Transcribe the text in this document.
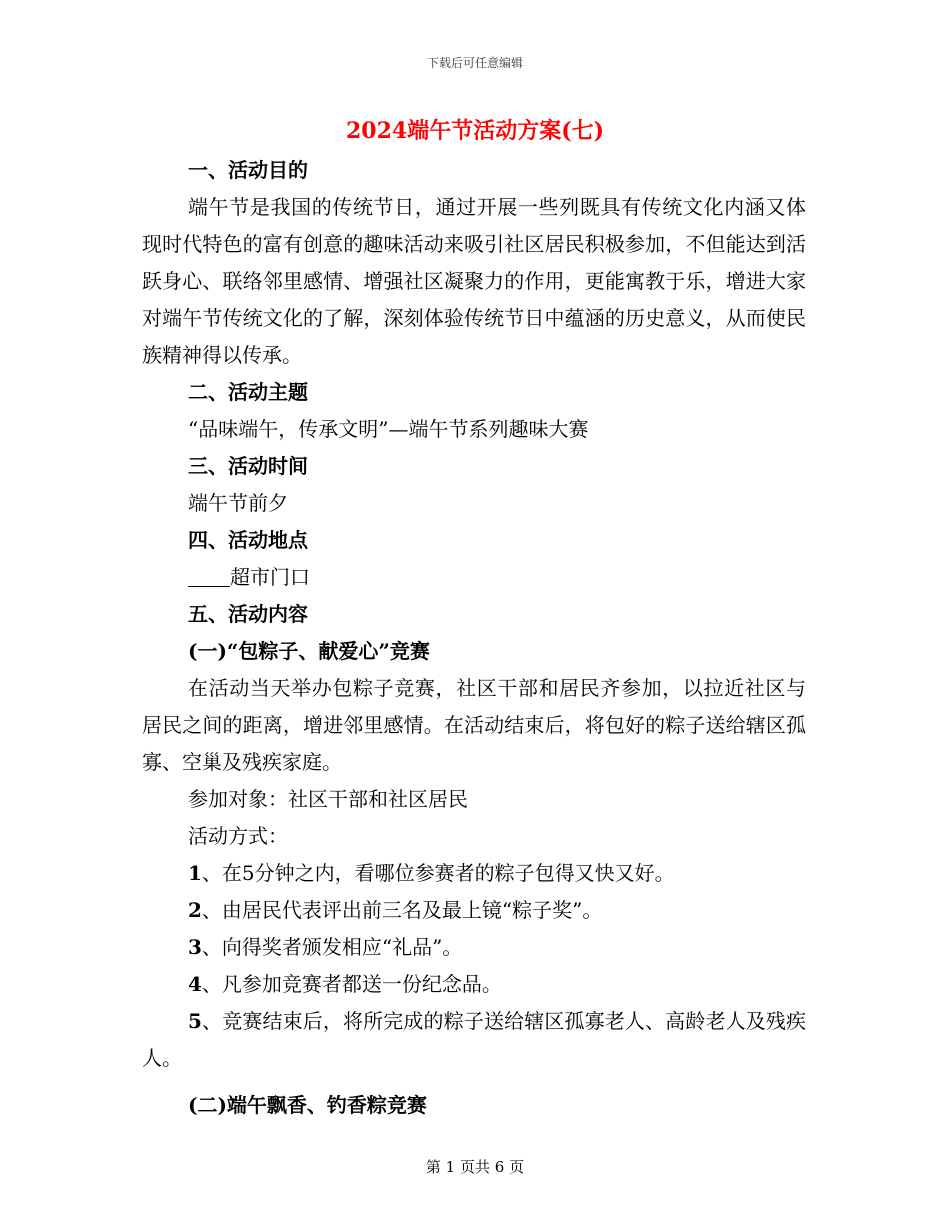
下载后可任意编辑
2024端午节活动方案(七)
一、活动目的
端午节是我国的传统节日，通过开展一些列既具有传统文化内涵又体现时代特色的富有创意的趣味活动来吸引社区居民积极参加，不但能达到活跃身心、联络邻里感情、增强社区凝聚力的作用，更能寓教于乐，增进大家对端午节传统文化的了解，深刻体验传统节日中蕴涵的历史意义，从而使民族精神得以传承。
二、活动主题
“品味端午，传承文明”—端午节系列趣味大赛
三、活动时间
端午节前夕
四、活动地点
超市门口
五、活动内容
(一)“包粽子、献爱心”竞赛
在活动当天举办包粽子竞赛，社区干部和居民齐参加，以拉近社区与居民之间的距离，增进邻里感情。在活动结束后，将包好的粽子送给辖区孤寡、空巢及残疾家庭。
参加对象：社区干部和社区居民
活动方式：
1、在5分钟之内，看哪位参赛者的粽子包得又快又好。
2、由居民代表评出前三名及最上镜“粽子奖”。
3、向得奖者颁发相应“礼品”。
4、凡参加竞赛者都送一份纪念品。
5、竞赛结束后，将所完成的粽子送给辖区孤寡老人、高龄老人及残疾人。
(二)端午飘香、钓香粽竞赛
第 1 页共 6 页
